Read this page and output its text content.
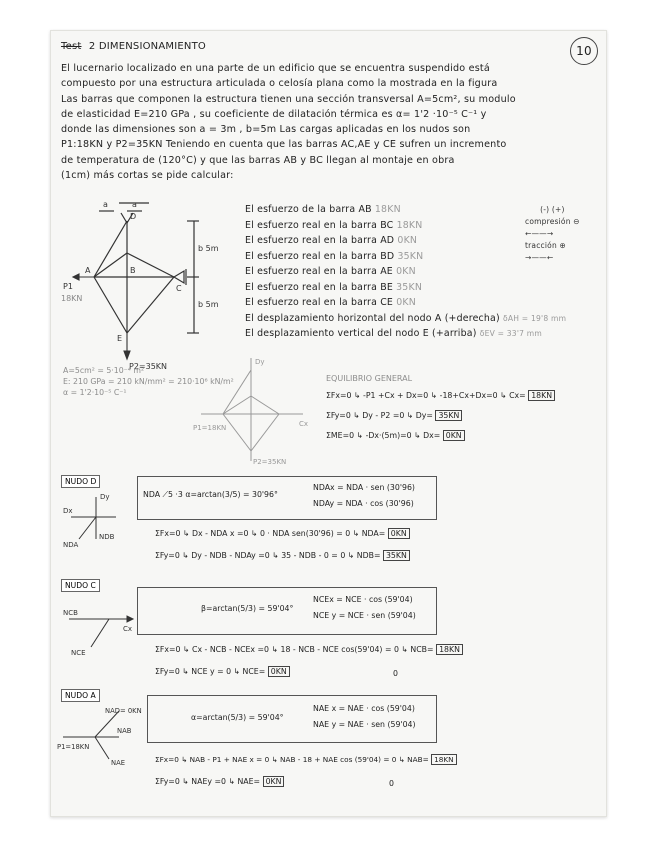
Test 2 DIMENSIONAMIENTO	10

El lucernario localizado en una parte de un edificio que se encuentra suspendido está

compuesto por una estructura articulada o celosía plana como la mostrada en la figura

Las barras que componen la estructura tienen una sección transversal A=5cm², su modulo

de elasticidad E=210 GPa , su coeficiente de dilatación térmica es α= 1'2 ·10⁻⁵ C⁻¹ y

donde las dimensiones son a = 3m , b=5m Las cargas aplicadas en los nudos son

P1:18KN y P2=35KN Teniendo en cuenta que las barras AC,AE y CE sufren un incremento

de temperatura de (120°C) y que las barras AB y BC llegan al montaje en obra

(1cm) más cortas se pide calcular:

a	a
b 5m
b 5m
P1
18KN
P2=35KN
D
B
C
A
E
El esfuerzo de la barra AB 18KN
El esfuerzo real en la barra BC 18KN
El esfuerzo real en la barra AD 0KN
El esfuerzo real en la barra BD 35KN
El esfuerzo real en la barra AE 0KN
El esfuerzo real en la barra BE 35KN
El esfuerzo real en la barra CE 0KN
El desplazamiento horizontal del nodo A (+derecha) δAH = 19'8 mm
El desplazamiento vertical del nodo E (+arriba) δEV = 33'7 mm
(-) (+)
compresión ⊖
←——→
tracción ⊕
→——←
A=5cm² = 5·10⁻⁴ m²
E: 210 GPa = 210 kN/mm² = 210·10⁶ kN/m²
α = 1'2·10⁻⁵ C⁻¹
Dy
P1=18KN
P2=35KN
Cx
EQUILIBRIO GENERAL
ΣFx=0 ↳ -P1 +Cx + Dx=0 ↳ -18+Cx+Dx=0 ↳ Cx= 18KN
ΣFy=0 ↳ Dy - P2 =0 ↳ Dy= 35KN
ΣME=0 ↳ -Dx·(5m)=0 ↳ Dx= 0KN
NUDO D
Dy
Dx
NDA
NDB
NDA ⟋5 ·3 α=arctan(3/5) = 30'96°
NDAx = NDA · sen (30'96)
NDAy = NDA · cos (30'96)
ΣFx=0 ↳ Dx - NDA x =0 ↳ 0 · NDA sen(30'96) = 0 ↳ NDA= 0KN
ΣFy=0 ↳ Dy - NDB - NDAy =0 ↳ 35 - NDB - 0 = 0 ↳ NDB= 35KN
NUDO C
NCB
NCE
Cx
β=arctan(5/3) = 59'04°
NCEx = NCE · cos (59'04)
NCE y = NCE · sen (59'04)
ΣFx=0 ↳ Cx - NCB - NCEx =0 ↳ 18 - NCB - NCE cos(59'04) = 0 ↳ NCB= 18KN
ΣFy=0 ↳ NCE y = 0 ↳ NCE= 0KN	0
NUDO A
NAD= 0KN
P1=18KN
NAB
NAE
α=arctan(5/3) = 59'04°
NAE x = NAE · cos (59'04)
NAE y = NAE · sen (59'04)
ΣFx=0 ↳ NAB - P1 + NAE x = 0 ↳ NAB - 18 + NAE cos (59'04) = 0 ↳ NAB= 18KN
ΣFy=0 ↳ NAEy =0 ↳ NAE= 0KN	0
